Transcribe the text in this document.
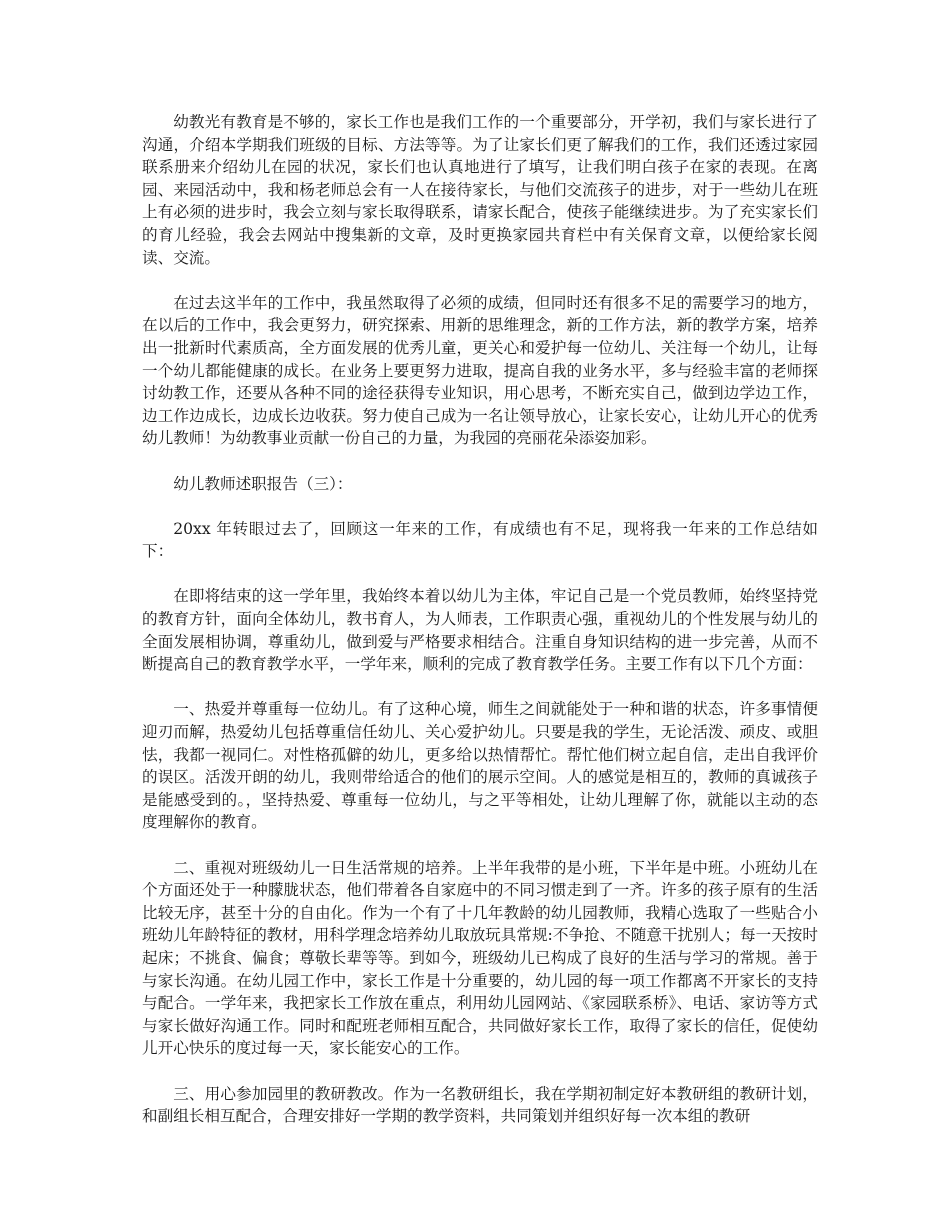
幼教光有教育是不够的，家长工作也是我们工作的一个重要部分，开学初，我们与家长进行了沟通，介绍本学期我们班级的目标、方法等等。为了让家长们更了解我们的工作，我们还透过家园联系册来介绍幼儿在园的状况，家长们也认真地进行了填写，让我们明白孩子在家的表现。在离园、来园活动中，我和杨老师总会有一人在接待家长，与他们交流孩子的进步，对于一些幼儿在班上有必须的进步时，我会立刻与家长取得联系，请家长配合，使孩子能继续进步。为了充实家长们的育儿经验，我会去网站中搜集新的文章，及时更换家园共育栏中有关保育文章，以便给家长阅读、交流。

在过去这半年的工作中，我虽然取得了必须的成绩，但同时还有很多不足的需要学习的地方，在以后的工作中，我会更努力，研究探索、用新的思维理念，新的工作方法，新的教学方案，培养出一批新时代素质高，全方面发展的优秀儿童，更关心和爱护每一位幼儿、关注每一个幼儿，让每一个幼儿都能健康的成长。在业务上要更努力进取，提高自我的业务水平，多与经验丰富的老师探讨幼教工作，还要从各种不同的途径获得专业知识，用心思考，不断充实自己，做到边学边工作，边工作边成长，边成长边收获。努力使自己成为一名让领导放心，让家长安心，让幼儿开心的优秀幼儿教师！为幼教事业贡献一份自己的力量，为我园的亮丽花朵添姿加彩。

幼儿教师述职报告（三）：

20xx 年转眼过去了，回顾这一年来的工作，有成绩也有不足，现将我一年来的工作总结如下：

在即将结束的这一学年里，我始终本着以幼儿为主体，牢记自己是一个党员教师，始终坚持党的教育方针，面向全体幼儿，教书育人，为人师表，工作职责心强，重视幼儿的个性发展与幼儿的全面发展相协调，尊重幼儿，做到爱与严格要求相结合。注重自身知识结构的进一步完善，从而不断提高自己的教育教学水平，一学年来，顺利的完成了教育教学任务。主要工作有以下几个方面：

一、热爱并尊重每一位幼儿。有了这种心境，师生之间就能处于一种和谐的状态，许多事情便迎刃而解，热爱幼儿包括尊重信任幼儿、关心爱护幼儿。只要是我的学生，无论活泼、顽皮、或胆怯，我都一视同仁。对性格孤僻的幼儿，更多给以热情帮忙。帮忙他们树立起自信，走出自我评价的误区。活泼开朗的幼儿，我则带给适合的他们的展示空间。人的感觉是相互的，教师的真诚孩子是能感受到的。，坚持热爱、尊重每一位幼儿，与之平等相处，让幼儿理解了你，就能以主动的态度理解你的教育。

二、重视对班级幼儿一日生活常规的培养。上半年我带的是小班，下半年是中班。小班幼儿在个方面还处于一种朦胧状态，他们带着各自家庭中的不同习惯走到了一齐。许多的孩子原有的生活比较无序，甚至十分的自由化。作为一个有了十几年教龄的幼儿园教师，我精心选取了一些贴合小班幼儿年龄特征的教材，用科学理念培养幼儿取放玩具常规:不争抢、不随意干扰别人；每一天按时起床；不挑食、偏食；尊敬长辈等等。到如今，班级幼儿已构成了良好的生活与学习的常规。善于与家长沟通。在幼儿园工作中，家长工作是十分重要的，幼儿园的每一项工作都离不开家长的支持与配合。一学年来，我把家长工作放在重点，利用幼儿园网站、《家园联系桥》、电话、家访等方式与家长做好沟通工作。同时和配班老师相互配合，共同做好家长工作，取得了家长的信任，促使幼儿开心快乐的度过每一天，家长能安心的工作。

三、用心参加园里的教研教改。作为一名教研组长，我在学期初制定好本教研组的教研计划，和副组长相互配合，合理安排好一学期的教学资料，共同策划并组织好每一次本组的教研
